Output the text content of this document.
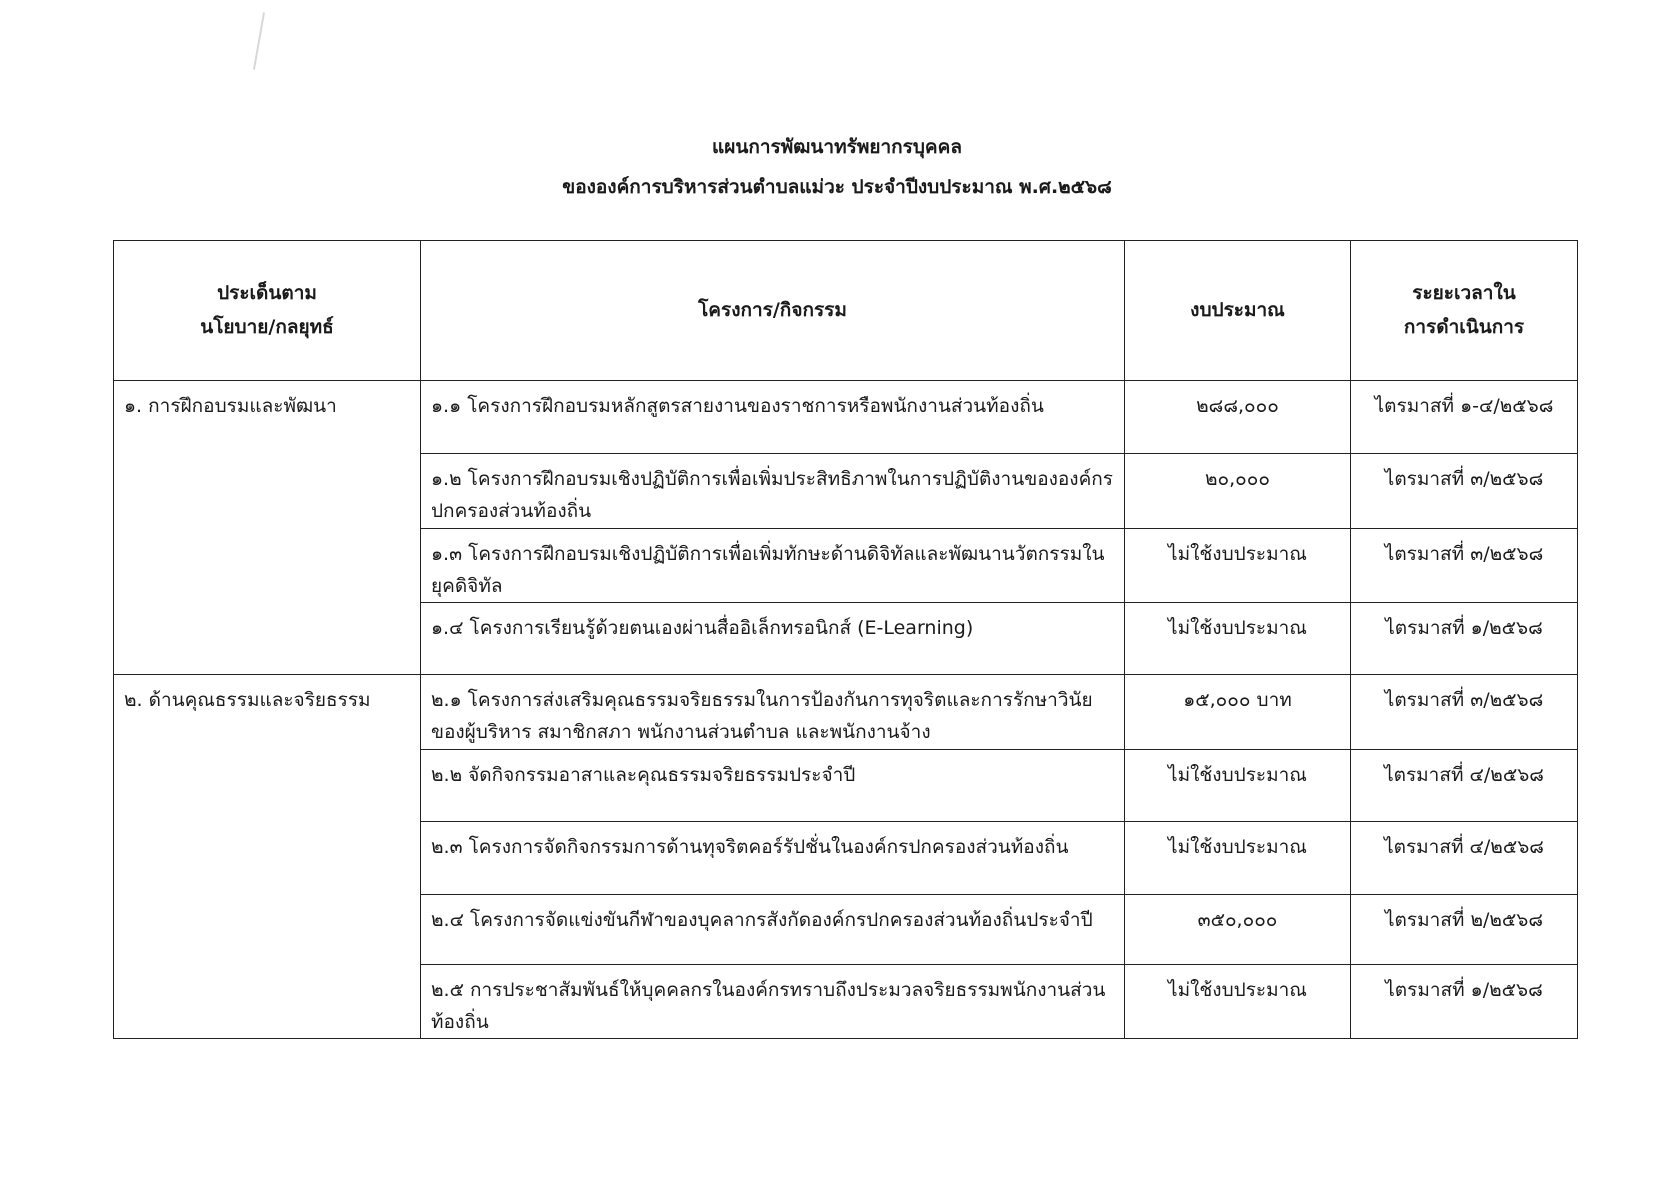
แผนการพัฒนาทรัพยากรบุคคล
ขององค์การบริหารส่วนตำบลแม่วะ ประจำปีงบประมาณ พ.ศ.๒๕๖๘
ประเด็นตาม
นโยบาย/กลยุทธ์	โครงการ/กิจกรรม	งบประมาณ	ระยะเวลาใน
การดำเนินการ
๑. การฝึกอบรมและพัฒนา	๑.๑ โครงการฝึกอบรมหลักสูตรสายงานของราชการหรือพนักงานส่วนท้องถิ่น	๒๘๘,๐๐๐	ไตรมาสที่ ๑-๔/๒๕๖๘
	๑.๒ โครงการฝึกอบรมเชิงปฏิบัติการเพื่อเพิ่มประสิทธิภาพในการปฏิบัติงานขององค์กรปกครองส่วนท้องถิ่น	๒๐,๐๐๐	ไตรมาสที่ ๓/๒๕๖๘
	๑.๓ โครงการฝึกอบรมเชิงปฏิบัติการเพื่อเพิ่มทักษะด้านดิจิทัลและพัฒนานวัตกรรมในยุคดิจิทัล	ไม่ใช้งบประมาณ	ไตรมาสที่ ๓/๒๕๖๘
	๑.๔ โครงการเรียนรู้ด้วยตนเองผ่านสื่ออิเล็กทรอนิกส์ (E-Learning)	ไม่ใช้งบประมาณ	ไตรมาสที่ ๑/๒๕๖๘
๒. ด้านคุณธรรมและจริยธรรม	๒.๑ โครงการส่งเสริมคุณธรรมจริยธรรมในการป้องกันการทุจริตและการรักษาวินัยของผู้บริหาร สมาชิกสภา พนักงานส่วนตำบล และพนักงานจ้าง	๑๕,๐๐๐ บาท	ไตรมาสที่ ๓/๒๕๖๘
	๒.๒ จัดกิจกรรมอาสาและคุณธรรมจริยธรรมประจำปี	ไม่ใช้งบประมาณ	ไตรมาสที่ ๔/๒๕๖๘
	๒.๓ โครงการจัดกิจกรรมการด้านทุจริตคอร์รัปชั่นในองค์กรปกครองส่วนท้องถิ่น	ไม่ใช้งบประมาณ	ไตรมาสที่ ๔/๒๕๖๘
	๒.๔ โครงการจัดแข่งขันกีฬาของบุคลากรสังกัดองค์กรปกครองส่วนท้องถิ่นประจำปี	๓๕๐,๐๐๐	ไตรมาสที่ ๒/๒๕๖๘
	๒.๕ การประชาสัมพันธ์ให้บุคคลกรในองค์กรทราบถึงประมวลจริยธรรมพนักงานส่วนท้องถิ่น	ไม่ใช้งบประมาณ	ไตรมาสที่ ๑/๒๕๖๘
